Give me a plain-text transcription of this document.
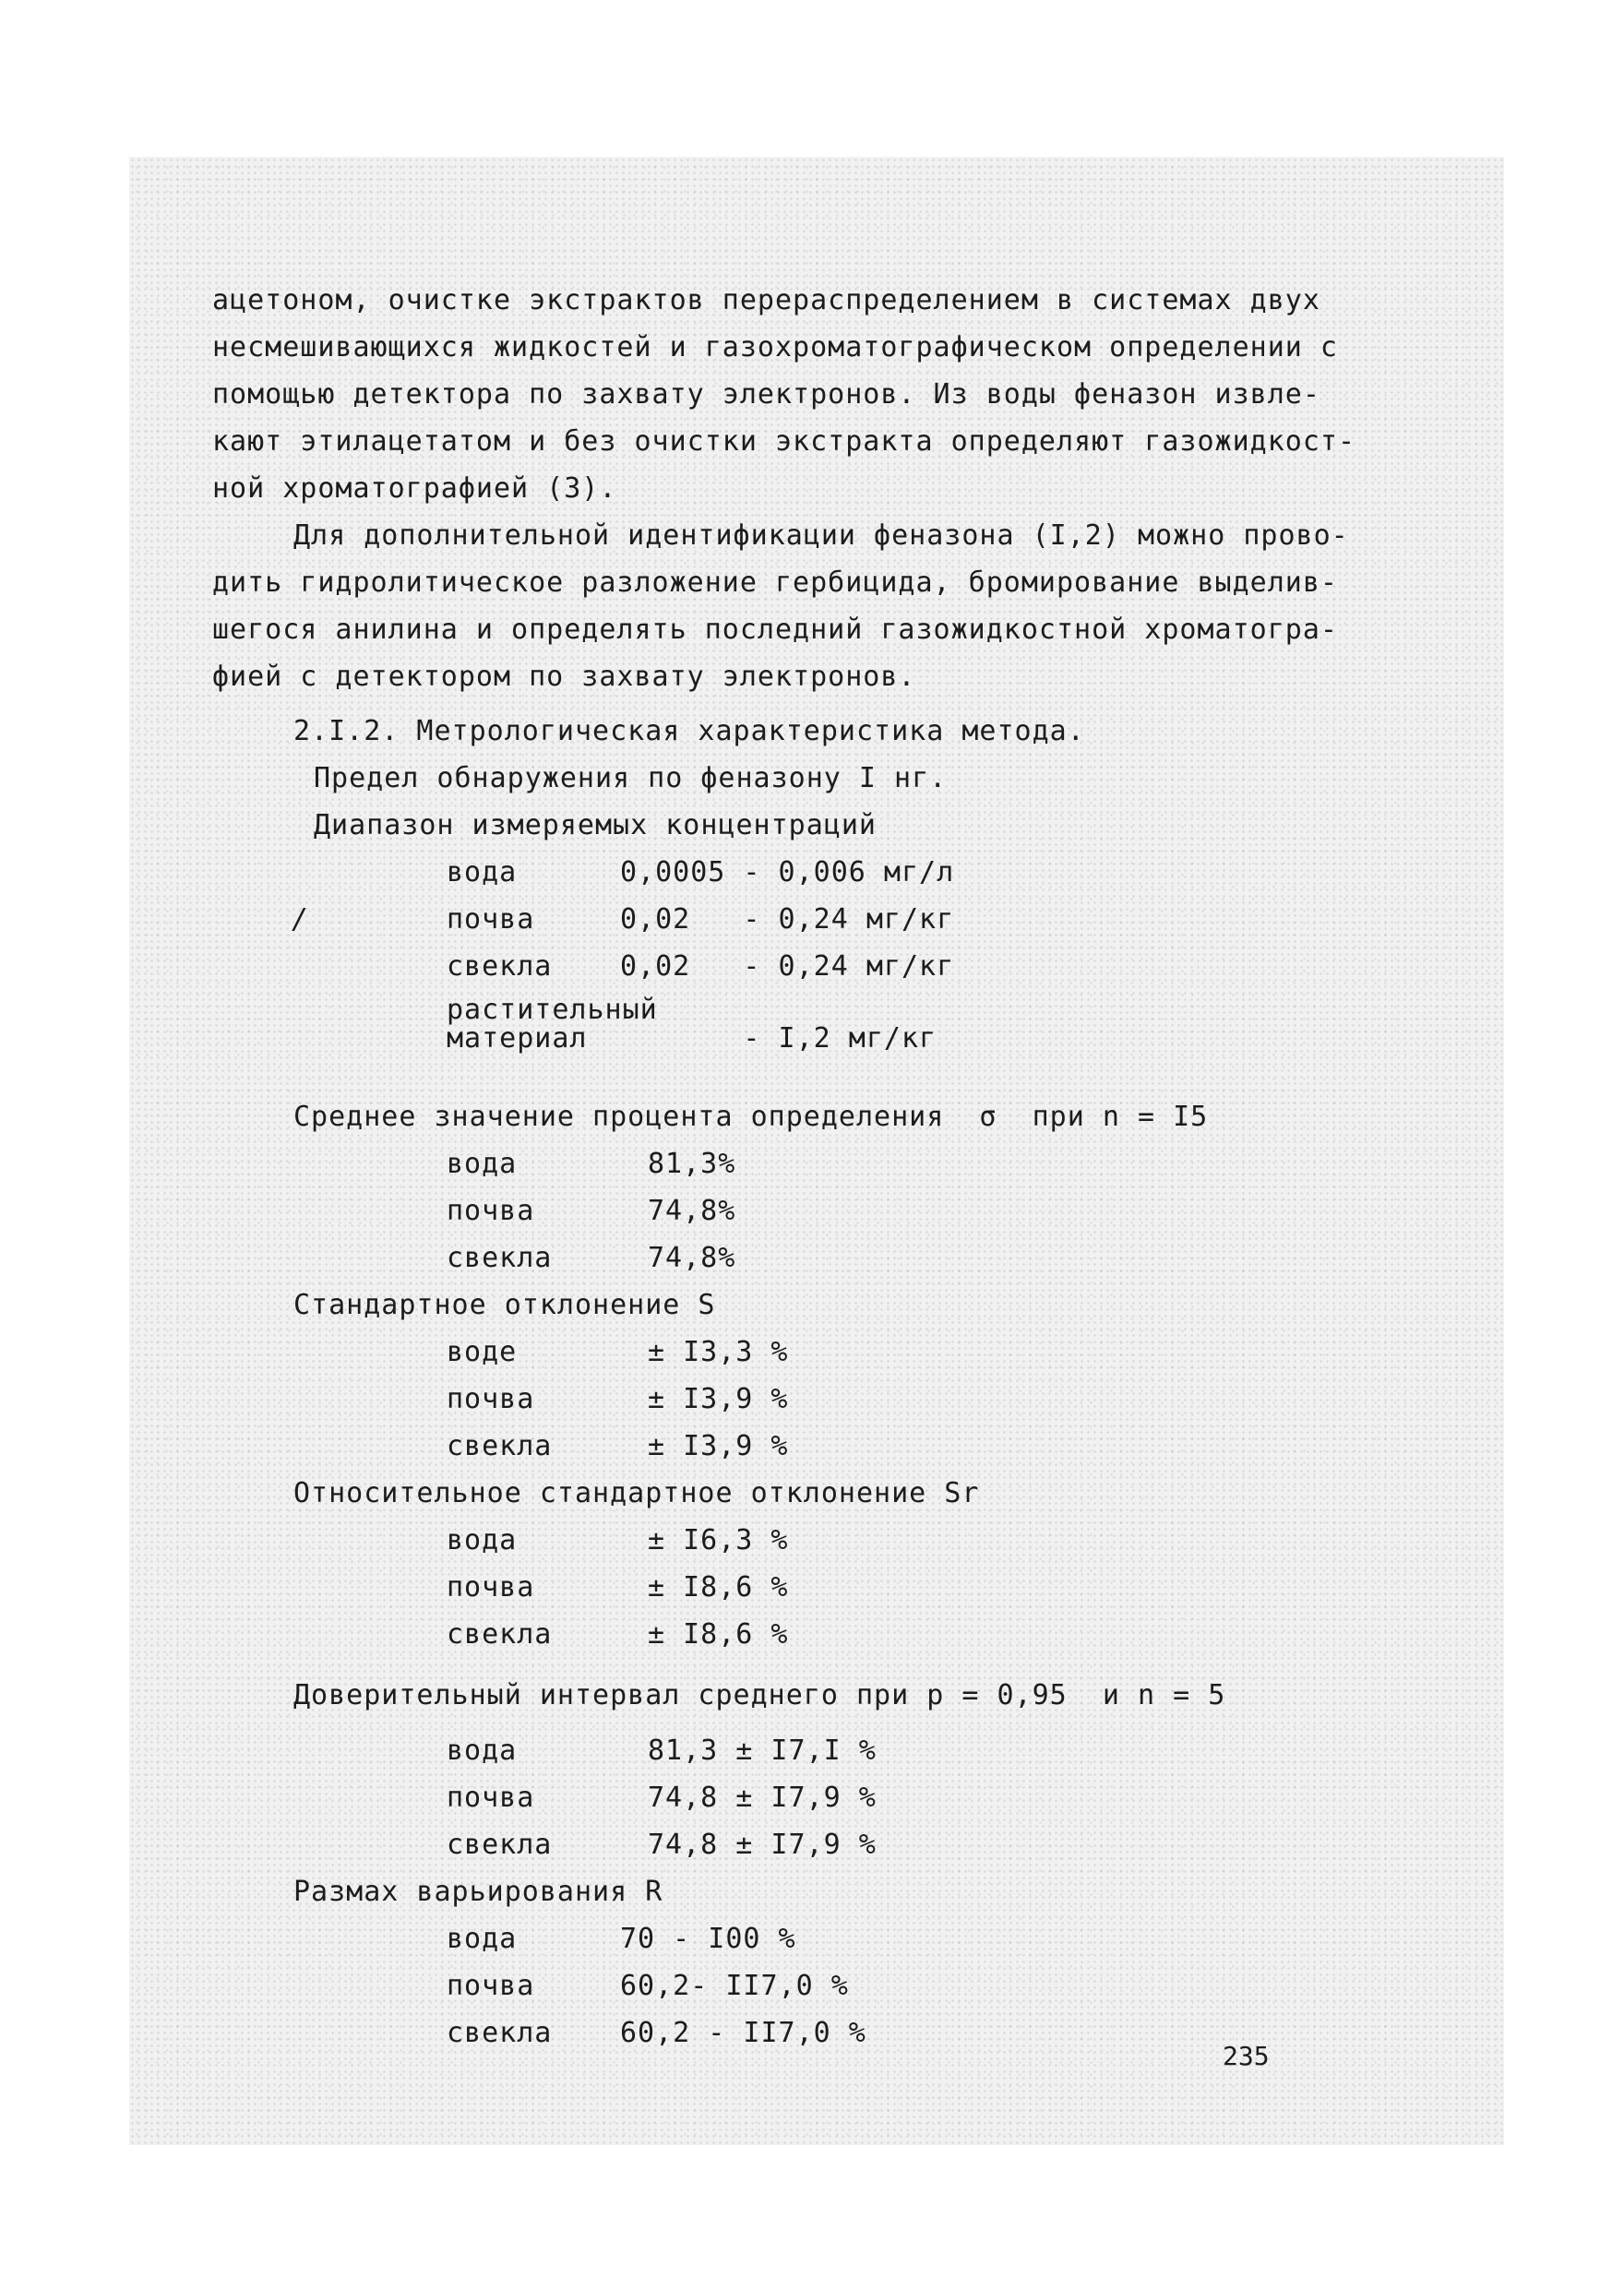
ацетоном, очистке экстрактов перераспределением в системах двух
несмешивающихся жидкостей и газохроматографическом определении с
помощью детектора по захвату электронов. Из воды феназон извле-
кают этилацетатом и без очистки экстракта определяют газожидкост-
ной хроматографией (3).
Для дополнительной идентификации феназона (I,2) можно прово-
дить гидролитическое разложение гербицида, бромирование выделив-
шегося анилина и определять последний газожидкостной хроматогра-
фией с детектором по захвату электронов.
2.I.2. Метрологическая характеристика метода.
Предел обнаружения по феназону I нг.
Диапазон измеряемых концентраций
вода	0,0005 - 0,006 мг/л
/	почва	0,02   - 0,24 мг/кг
свекла 0,02   - 0,24 мг/кг
растительный
материал - I,2 мг/кг
Среднее значение процента определения  σ  при n = I5
вода	81,3%
почва	74,8%
свекла	74,8%
Стандартное отклонение S
воде	± I3,3 %
почва	± I3,9 %
свекла	± I3,9 %
Относительное стандартное отклонение Sr
вода	± I6,3 %
почва	± I8,6 %
свекла	± I8,6 %
Доверительный интервал среднего при p = 0,95  и n = 5
вода	81,3 ± I7,I %
почва	74,8 ± I7,9 %
свекла	74,8 ± I7,9 %
Размах варьирования R
вода	70 - I00 %
почва	60,2- II7,0 %
свекла 60,2 - II7,0 %
235
